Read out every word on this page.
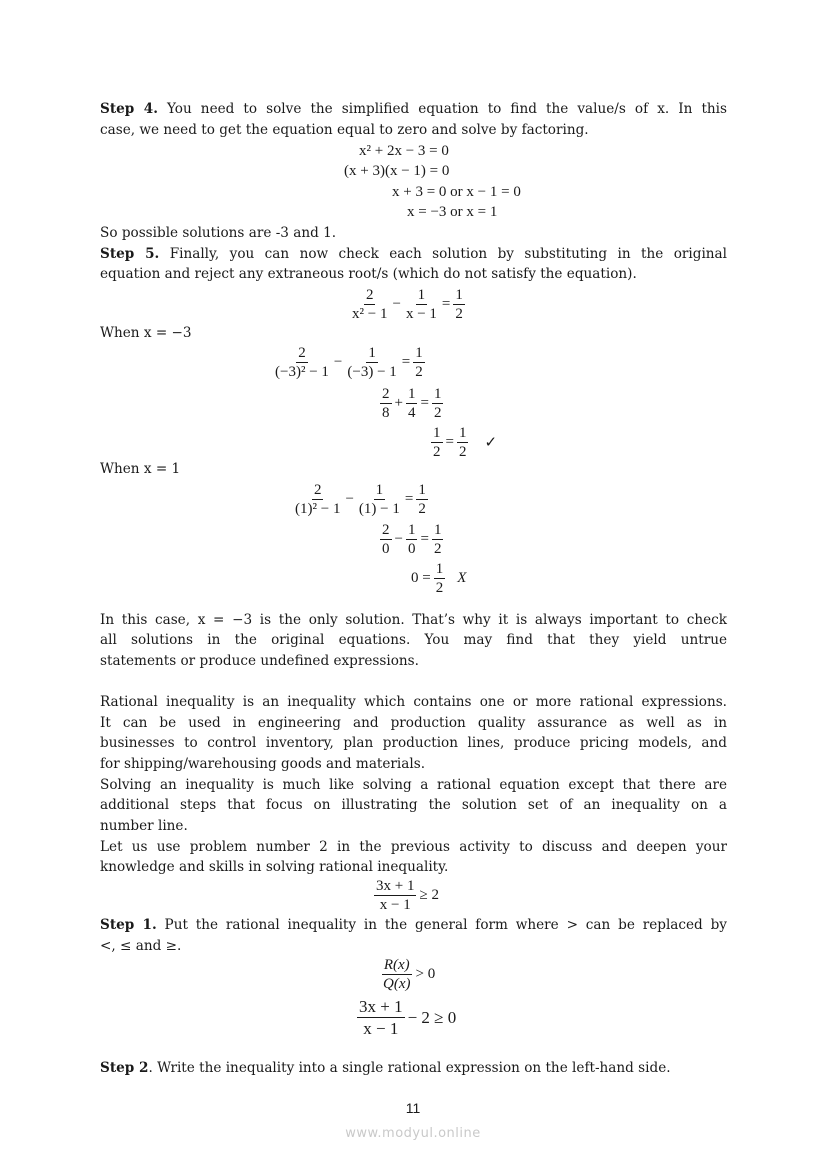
Step 4. You need to solve the simplified equation to find the value/s of x. In this
case, we need to get the equation equal to zero and solve by factoring.
x² + 2x − 3 = 0
(x + 3)(x − 1) = 0
x + 3 = 0 or x − 1 = 0
x = −3 or x = 1
So possible solutions are -3 and 1.
Step 5. Finally, you can now check each solution by substituting in the original
equation and reject any extraneous root/s (which do not satisfy the equation).
$\frac{2}{\text{x² − 1}} - \frac{1}{x - 1} = \frac{1}{2}$
When x = −3
$\frac{2}{\text{(−3)² − 1}} - \frac{1}{(-3) - 1} = \frac{1}{2}$
$\frac{2}{8} + \frac{1}{4} = \frac{1}{2}$
$\frac{1}{2} = \frac{1}{2}$ ✓
When x = 1
$\frac{2}{\text{(1)² − 1}} - \frac{1}{(1) - 1} = \frac{1}{2}$
$\frac{2}{0} - \frac{1}{0} = \frac{1}{2}$
$0 = \frac{1}{2}$ X
In this case, x = −3 is the only solution. That’s why it is always important to check
all solutions in the original equations. You may find that they yield untrue
statements or produce undefined expressions.
Rational inequality is an inequality which contains one or more rational expressions.
It can be used in engineering and production quality assurance as well as in
businesses to control inventory, plan production lines, produce pricing models, and
for shipping/warehousing goods and materials.
Solving an inequality is much like solving a rational equation except that there are
additional steps that focus on illustrating the solution set of an inequality on a
number line.
Let us use problem number 2 in the previous activity to discuss and deepen your
knowledge and skills in solving rational inequality.
$\frac{3x + 1}{x - 1} \ge 2$
Step 1. Put the rational inequality in the general form where > can be replaced by
<, ≤ and ≥.
$\frac{R(x)}{Q(x)} > 0$
$\frac{3x + 1}{x - 1} - 2 \ge 0$
Step 2. Write the inequality into a single rational expression on the left-hand side.
11
www.modyul.online
